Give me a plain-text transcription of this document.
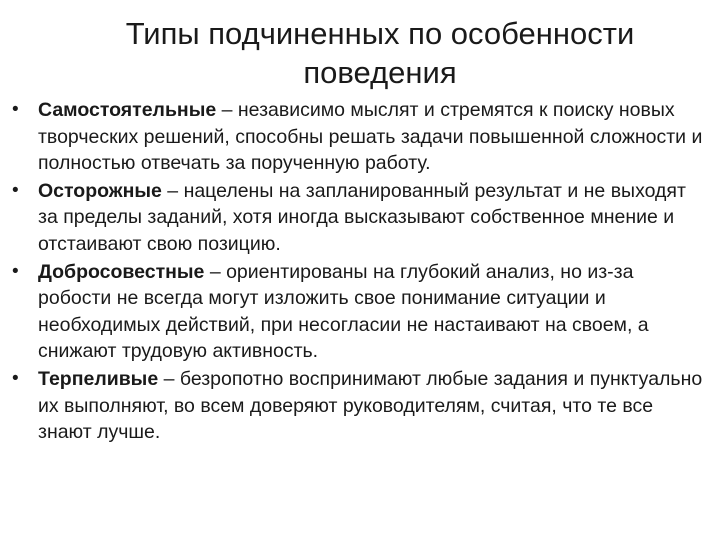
Типы подчиненных по особенности
поведения
• Самостоятельные – независимо мыслят и стремятся к поиску новых творческих решений, способны решать задачи повышенной сложности и полностью отвечать за порученную работу.
• Осторожные – нацелены на запланированный результат и не выходят за пределы заданий, хотя иногда высказывают собственное мнение и отстаивают свою позицию.
• Добросовестные – ориентированы на глубокий анализ, но из-за робости не всегда могут изложить свое понимание ситуации и необходимых действий, при несогласии не настаивают на своем, а снижают трудовую активность.
• Терпеливые – безропотно воспринимают любые задания и пунктуально их выполняют, во всем доверяют руководителям, считая, что те все знают лучше.
